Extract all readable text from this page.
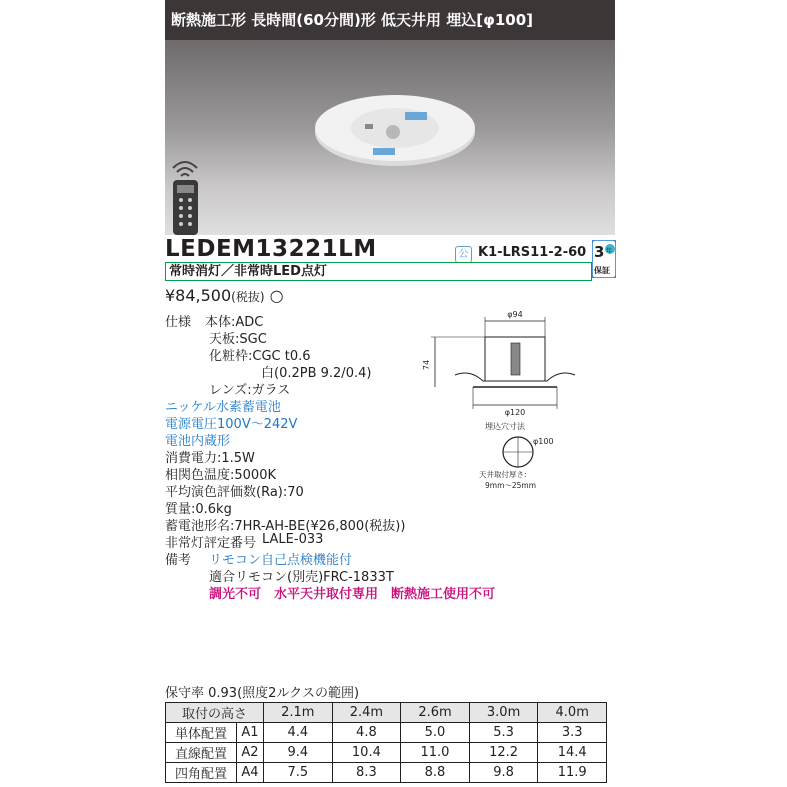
断熱施工形 長時間(60分間)形 低天井用 埋込[φ100]
LEDEM13221LM	公 K1-LRS11-2-60 3 年
保証
常時消灯／非常時LED点灯
¥84,500(税抜) ○
仕様 本体:ADC
天板:SGC
化粧枠:CGC t0.6
白(0.2PB 9.2/0.4)
レンズ:ガラス
ニッケル水素蓄電池
電源電圧100V～242V
電池内蔵形
消費電力:1.5W
相関色温度:5000K
平均演色評価数(Ra):70
質量:0.6kg
蓄電池形名:7HR-AH-BE(¥26,800(税抜))
非常灯評定番号 LALE-033
備考 リモコン自己点検機能付
適合リモコン(別売)FRC-1833T
調光不可　水平天井取付専用　断熱施工使用不可
φ94
74
φ120
埋込穴寸法
φ100
天井取付厚さ:
9mm～25mm
保守率 0.93(照度2ルクスの範囲)
取付の高さ		2.1m	2.4m	2.6m	3.0m	4.0m
単体配置	A1	4.4	4.8	5.0	5.3	3.3
直線配置	A2	9.4	10.4	11.0	12.2	14.4
四角配置	A4	7.5	8.3	8.8	9.8	11.9
